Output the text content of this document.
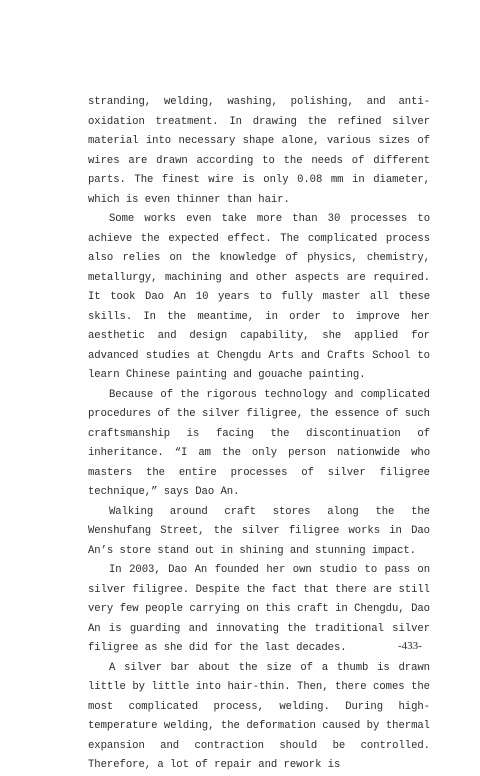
stranding, welding, washing, polishing, and anti-oxidation treatment. In drawing the refined silver material into necessary shape alone, various sizes of wires are drawn according to the needs of different parts. The finest wire is only 0.08 mm in diameter, which is even thinner than hair.

Some works even take more than 30 processes to achieve the expected effect. The complicated process also relies on the knowledge of physics, chemistry, metallurgy, machining and other aspects are required. It took Dao An 10 years to fully master all these skills. In the meantime, in order to improve her aesthetic and design capability, she applied for advanced studies at Chengdu Arts and Crafts School to learn Chinese painting and gouache painting.

Because of the rigorous technology and complicated procedures of the silver filigree, the essence of such craftsmanship is facing the discontinuation of inheritance. “I am the only person nationwide who masters the entire processes of silver filigree technique,” says Dao An.

Walking around craft stores along the the Wenshufang Street, the silver filigree works in Dao An’s store stand out in shining and stunning impact.

In 2003, Dao An founded her own studio to pass on silver filigree. Despite the fact that there are still very few people carrying on this craft in Chengdu, Dao An is guarding and innovating the traditional silver filigree as she did for the last decades.

A silver bar about the size of a thumb is drawn little by little into hair-thin. Then, there comes the most complicated process, welding. During high-temperature welding, the deformation caused by thermal expansion and contraction should be controlled. Therefore, a lot of repair and rework is

-433-
